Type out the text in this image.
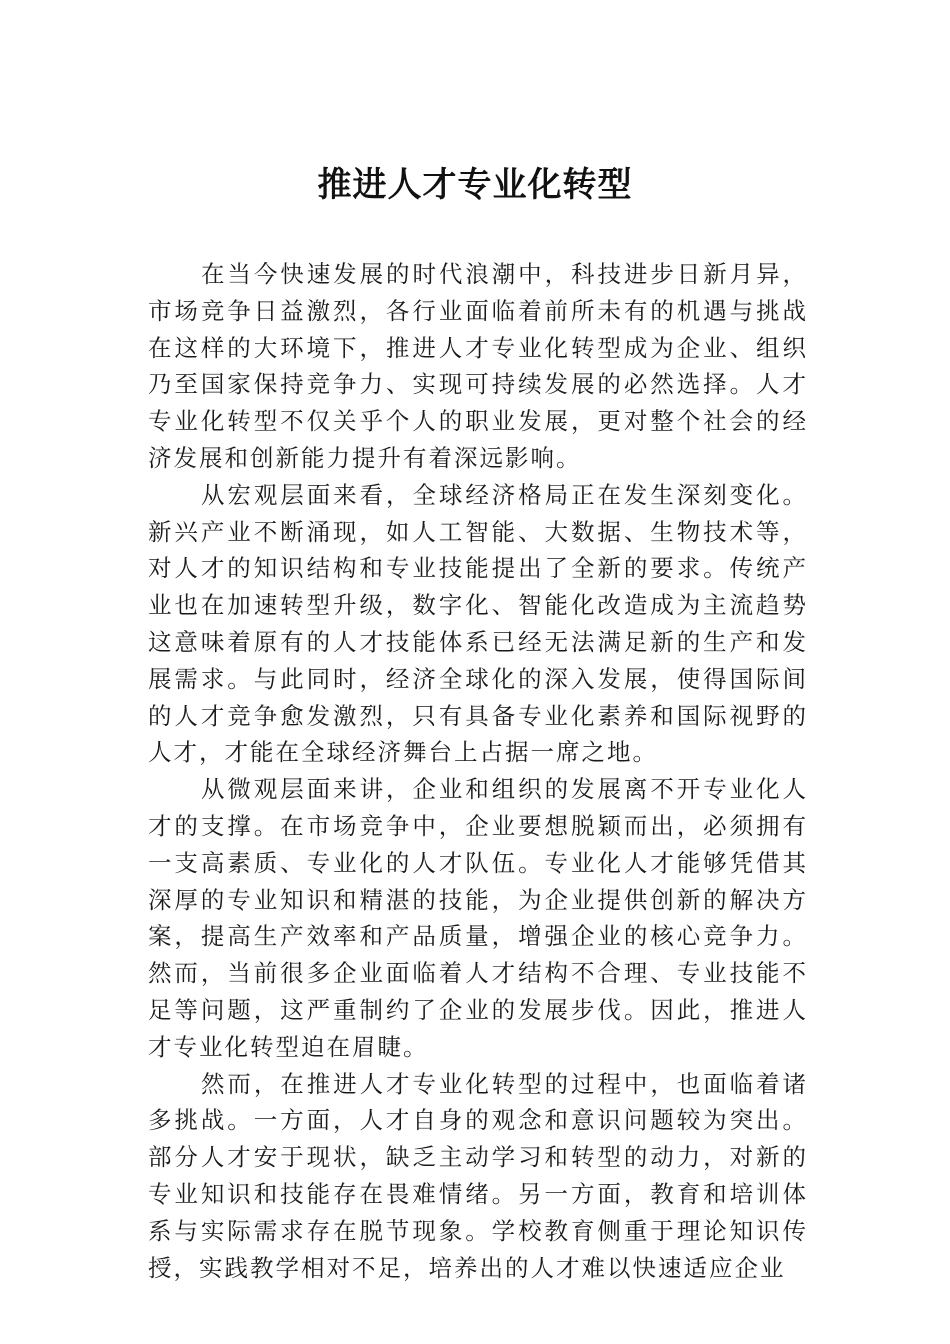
推进人才专业化转型

在当今快速发展的时代浪潮中，科技进步日新月异，市场竞争日益激烈，各行业面临着前所未有的机遇与挑战在这样的大环境下，推进人才专业化转型成为企业、组织乃至国家保持竞争力、实现可持续发展的必然选择。人才专业化转型不仅关乎个人的职业发展，更对整个社会的经济发展和创新能力提升有着深远影响。

从宏观层面来看，全球经济格局正在发生深刻变化。新兴产业不断涌现，如人工智能、大数据、生物技术等，对人才的知识结构和专业技能提出了全新的要求。传统产业也在加速转型升级，数字化、智能化改造成为主流趋势这意味着原有的人才技能体系已经无法满足新的生产和发展需求。与此同时，经济全球化的深入发展，使得国际间的人才竞争愈发激烈，只有具备专业化素养和国际视野的人才，才能在全球经济舞台上占据一席之地。

从微观层面来讲，企业和组织的发展离不开专业化人才的支撑。在市场竞争中，企业要想脱颖而出，必须拥有一支高素质、专业化的人才队伍。专业化人才能够凭借其深厚的专业知识和精湛的技能，为企业提供创新的解决方案，提高生产效率和产品质量，增强企业的核心竞争力。然而，当前很多企业面临着人才结构不合理、专业技能不足等问题，这严重制约了企业的发展步伐。因此，推进人才专业化转型迫在眉睫。

然而，在推进人才专业化转型的过程中，也面临着诸多挑战。一方面，人才自身的观念和意识问题较为突出。部分人才安于现状，缺乏主动学习和转型的动力，对新的专业知识和技能存在畏难情绪。另一方面，教育和培训体系与实际需求存在脱节现象。学校教育侧重于理论知识传授，实践教学相对不足，培养出的人才难以快速适应企业
